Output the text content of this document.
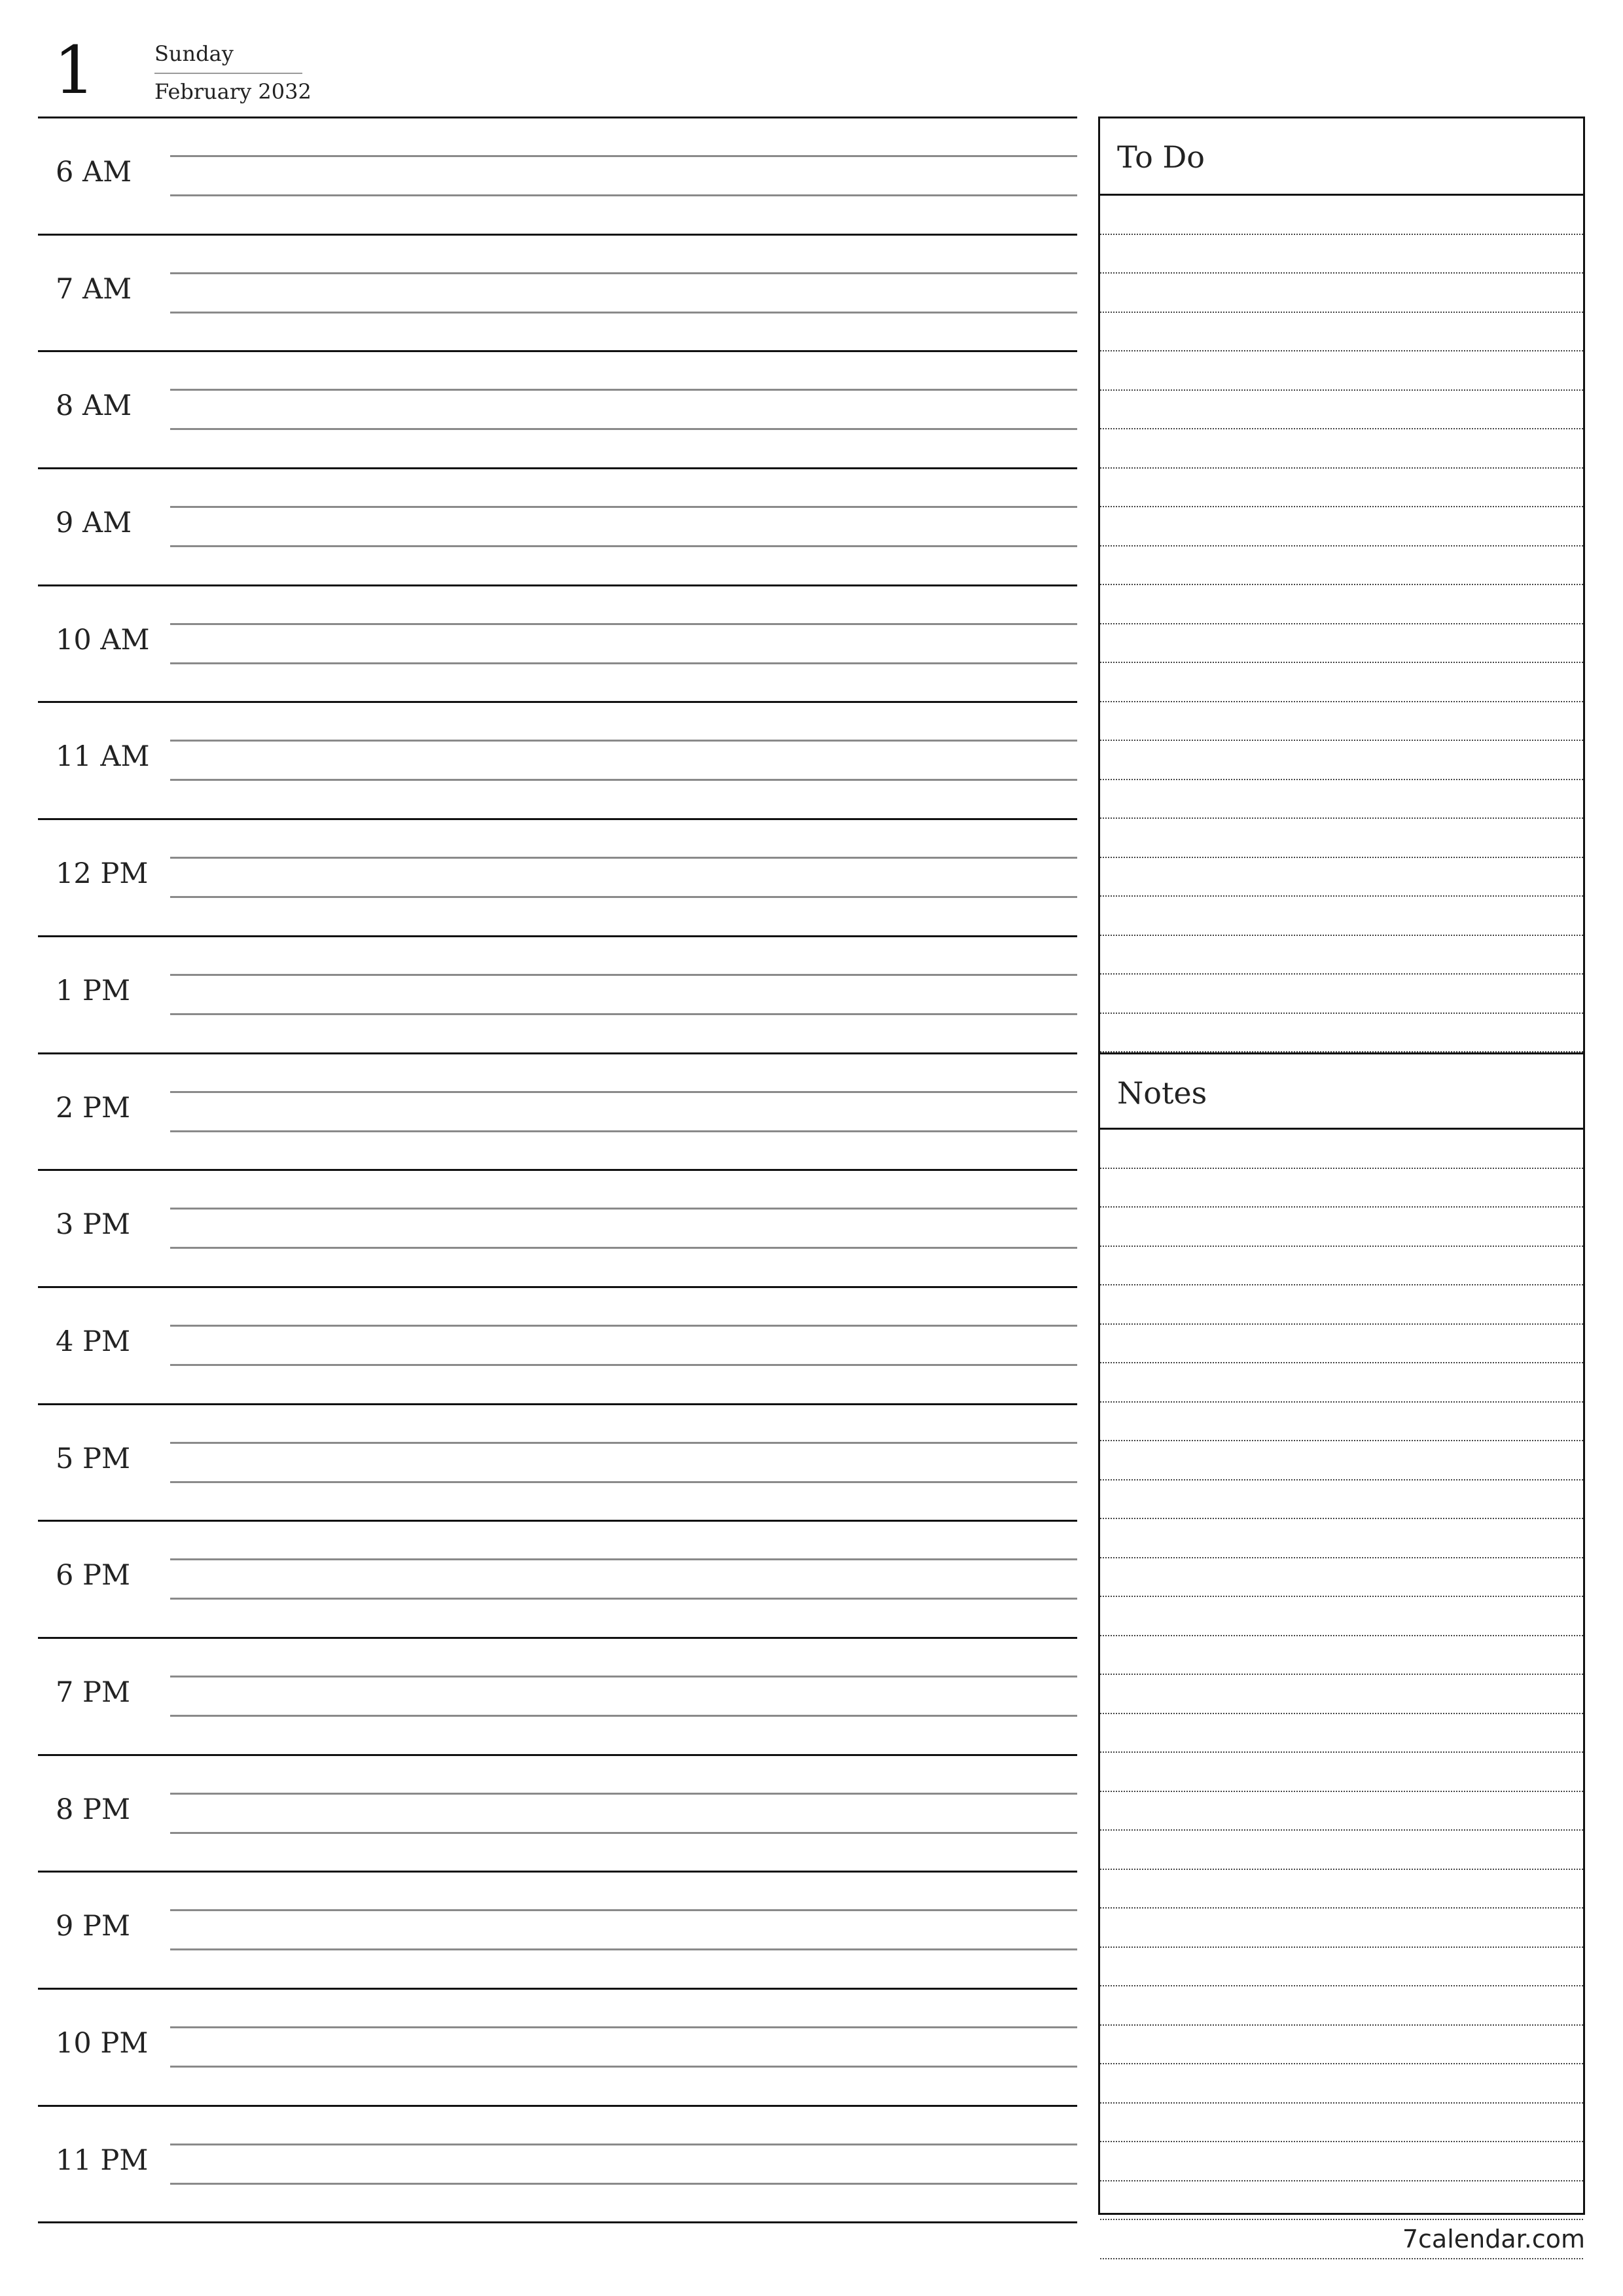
1	Sunday
February 2032
6 AM
7 AM
8 AM
9 AM
10 AM
11 AM
12 PM
1 PM
2 PM
3 PM
4 PM
5 PM
6 PM
7 PM
8 PM
9 PM
10 PM
11 PM
To Do
Notes
7calendar.com
